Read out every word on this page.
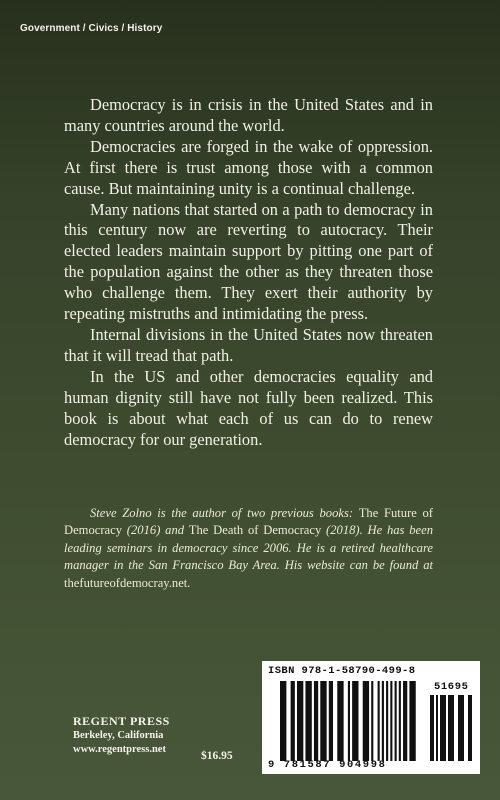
Government / Civics / History

Democracy is in crisis in the United States and in many countries around the world.

Democracies are forged in the wake of oppression. At first there is trust among those with a common cause. But maintaining unity is a continual challenge.

Many nations that started on a path to democracy in this century now are reverting to autocracy. Their elected leaders maintain support by pitting one part of the population against the other as they threaten those who challenge them. They exert their authority by repeating mistruths and intimidating the press.

Internal divisions in the United States now threaten that it will tread that path.

In the US and other democracies equality and human dignity still have not fully been realized. This book is about what each of us can do to renew democracy for our generation.

Steve Zolno is the author of two previous books: The Future of Democracy (2016) and The Death of Democracy (2018). He has been leading seminars in democracy since 2006. He is a retired healthcare manager in the San Francisco Bay Area. His website can be found at thefutureofdemocray.net.

REGENT PRESS
Berkeley, California
www.regentpress.net
$16.95
ISBN 978-1-58790-499-8
51695
9 781587 904998
